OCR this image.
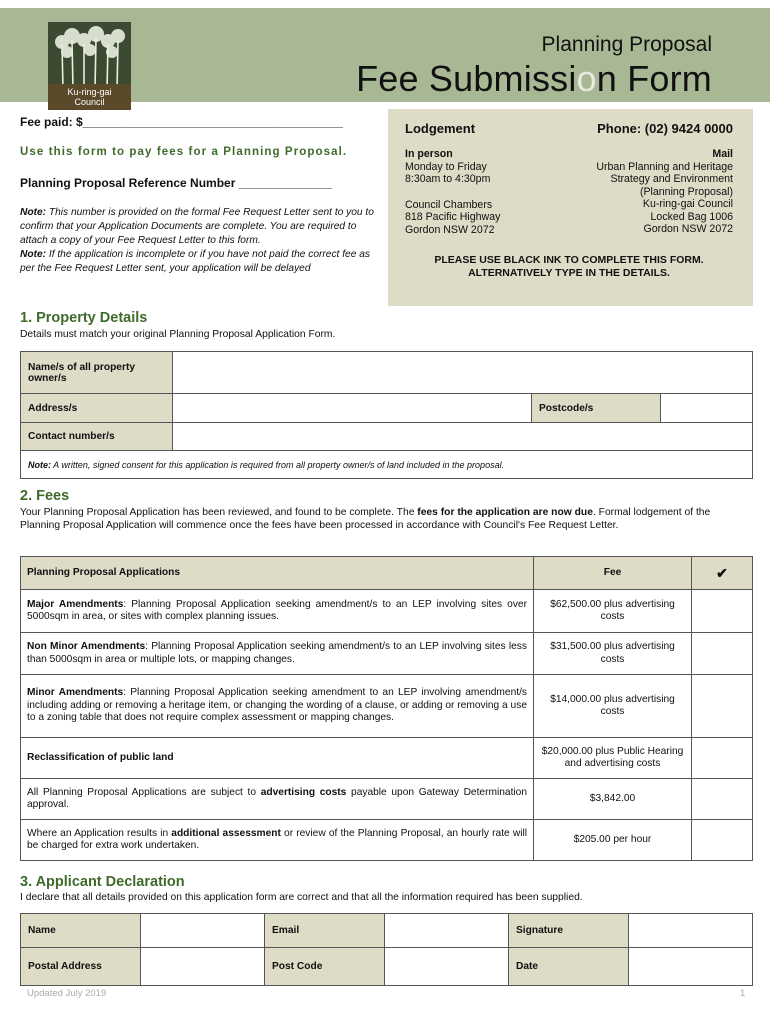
Ku-ring-gai
Council
Planning Proposal
Fee Submission Form
Fee paid: $_______________________________________
Use this form to pay fees for a Planning Proposal.
Planning Proposal Reference Number ______________
Note: This number is provided on the formal Fee Request Letter sent to you to confirm that your Application Documents are complete. You are required to attach a copy of your Fee Request Letter to this form.
Note: If the application is incomplete or if you have not paid the correct fee as per the Fee Request Letter sent, your application will be delayed
Lodgement	Phone: (02) 9424 0000
In person
Monday to Friday
8:30am to 4:30pm
Council Chambers
818 Pacific Highway
Gordon NSW 2072
Mail
Urban Planning and Heritage
Strategy and Environment
(Planning Proposal)
Ku-ring-gai Council
Locked Bag 1006
Gordon NSW 2072
PLEASE USE BLACK INK TO COMPLETE THIS FORM.
ALTERNATIVELY TYPE IN THE DETAILS.
1. Property Details
Details must match your original Planning Proposal Application Form.
Name/s of all property owner/s			
Address/s		Postcode/s	
Contact number/s			
Note: A written, signed consent for this application is required from all property owner/s of land included in the proposal.			
2. Fees
Your Planning Proposal Application has been reviewed, and found to be complete. The fees for the application are now due. Formal lodgement of the Planning Proposal Application will commence once the fees have been processed in accordance with Council's Fee Request Letter.
Planning Proposal Applications	Fee	✔
Major Amendments: Planning Proposal Application seeking amendment/s to an LEP involving sites over 5000sqm in area, or sites with complex planning issues.	$62,500.00 plus advertising costs	
Non Minor Amendments: Planning Proposal Application seeking amendment/s to an LEP involving sites less than 5000sqm in area or multiple lots, or mapping changes.	$31,500.00 plus advertising costs	
Minor Amendments: Planning Proposal Application seeking amendment to an LEP involving amendment/s including adding or removing a heritage item, or changing the wording of a clause, or adding or removing a use to a zoning table that does not require complex assessment or mapping changes.	$14,000.00 plus advertising costs	
Reclassification of public land	$20,000.00 plus Public Hearing and advertising costs	
All Planning Proposal Applications are subject to advertising costs payable upon Gateway Determination approval.	$3,842.00	
Where an Application results in additional assessment or review of the Planning Proposal, an hourly rate will be charged for extra work undertaken.	$205.00 per hour	
3. Applicant Declaration
I declare that all details provided on this application form are correct and that all the information required has been supplied.
Name		Email		Signature	
Postal Address		Post Code		Date	
Updated July 2019	1
